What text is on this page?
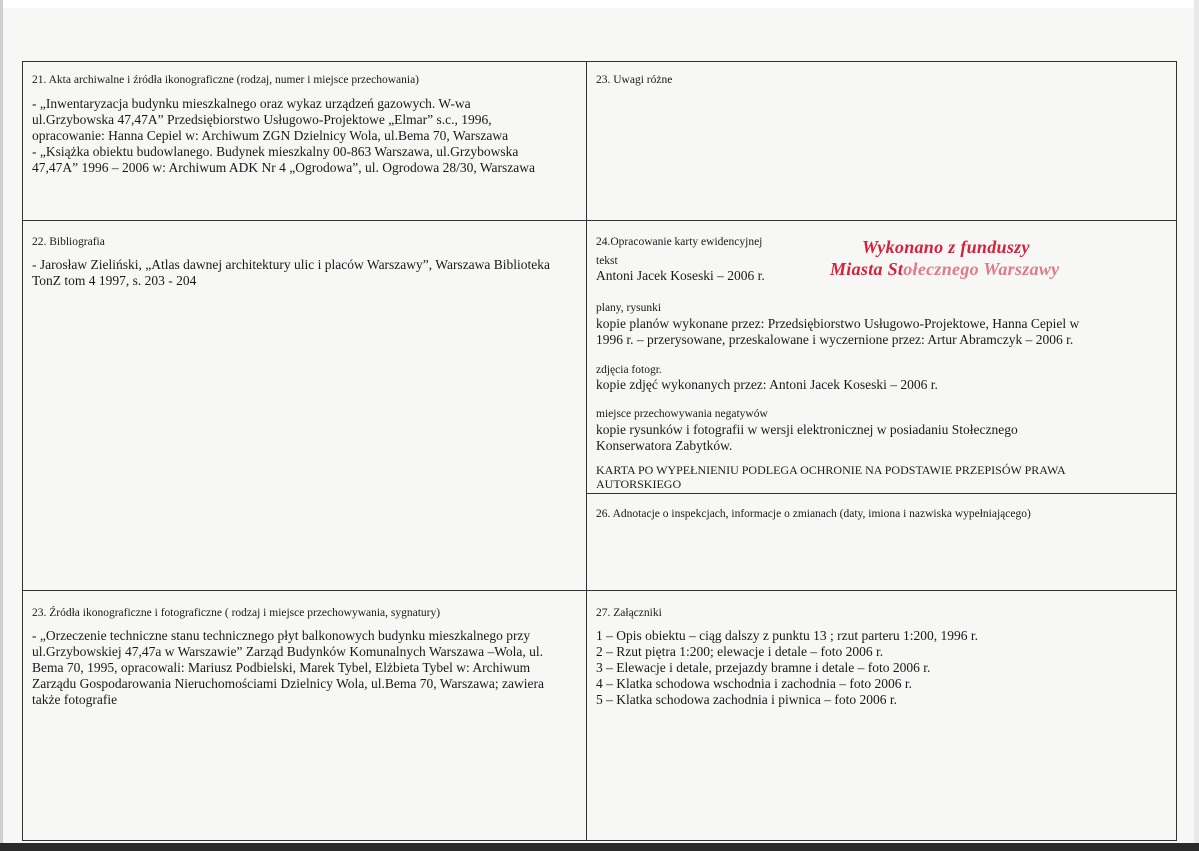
21. Akta archiwalne i źródła ikonograficzne (rodzaj, numer i miejsce przechowania)
- „Inwentaryzacja budynku mieszkalnego oraz wykaz urządzeń gazowych. W-wa
ul.Grzybowska 47,47A” Przedsiębiorstwo Usługowo-Projektowe „Elmar” s.c., 1996,
opracowanie: Hanna Cepiel w: Archiwum ZGN Dzielnicy Wola, ul.Bema 70, Warszawa
- „Książka obiektu budowlanego. Budynek mieszkalny 00-863 Warszawa, ul.Grzybowska
47,47A” 1996 – 2006 w: Archiwum ADK Nr 4 „Ogrodowa”, ul. Ogrodowa 28/30, Warszawa
23. Uwagi różne
22. Bibliografia
- Jarosław Zieliński, „Atlas dawnej architektury ulic i placów Warszawy”, Warszawa Biblioteka
TonZ tom 4 1997, s. 203 - 204
24.Opracowanie karty ewidencyjnej
tekst
Antoni Jacek Koseski – 2006 r.
Wykonano z funduszy
Miasta Stołecznego Warszawy
plany, rysunki
kopie planów wykonane przez: Przedsiębiorstwo Usługowo-Projektowe, Hanna Cepiel w
1996 r. – przerysowane, przeskalowane i wyczernione przez: Artur Abramczyk – 2006 r.
zdjęcia fotogr.
kopie zdjęć wykonanych przez: Antoni Jacek Koseski – 2006 r.
miejsce przechowywania negatywów
kopie rysunków i fotografii w wersji elektronicznej w posiadaniu Stołecznego
Konserwatora Zabytków.
KARTA PO WYPEŁNIENIU PODLEGA OCHRONIE NA PODSTAWIE PRZEPISÓW PRAWA
AUTORSKIEGO
26. Adnotacje o inspekcjach, informacje o zmianach (daty, imiona i nazwiska wypełniającego)
23. Źródła ikonograficzne i fotograficzne ( rodzaj i miejsce przechowywania, sygnatury)
- „Orzeczenie techniczne stanu technicznego płyt balkonowych budynku mieszkalnego przy
ul.Grzybowskiej 47,47a w Warszawie” Zarząd Budynków Komunalnych Warszawa –Wola, ul.
Bema 70, 1995, opracowali: Mariusz Podbielski, Marek Tybel, Elżbieta Tybel w: Archiwum
Zarządu Gospodarowania Nieruchomościami Dzielnicy Wola, ul.Bema 70, Warszawa; zawiera
także fotografie
27. Załączniki
1 – Opis obiektu – ciąg dalszy z punktu 13 ; rzut parteru 1:200, 1996 r.
2 – Rzut piętra 1:200; elewacje i detale – foto 2006 r.
3 – Elewacje i detale, przejazdy bramne i detale – foto 2006 r.
4 – Klatka schodowa wschodnia i zachodnia – foto 2006 r.
5 – Klatka schodowa zachodnia i piwnica – foto 2006 r.
